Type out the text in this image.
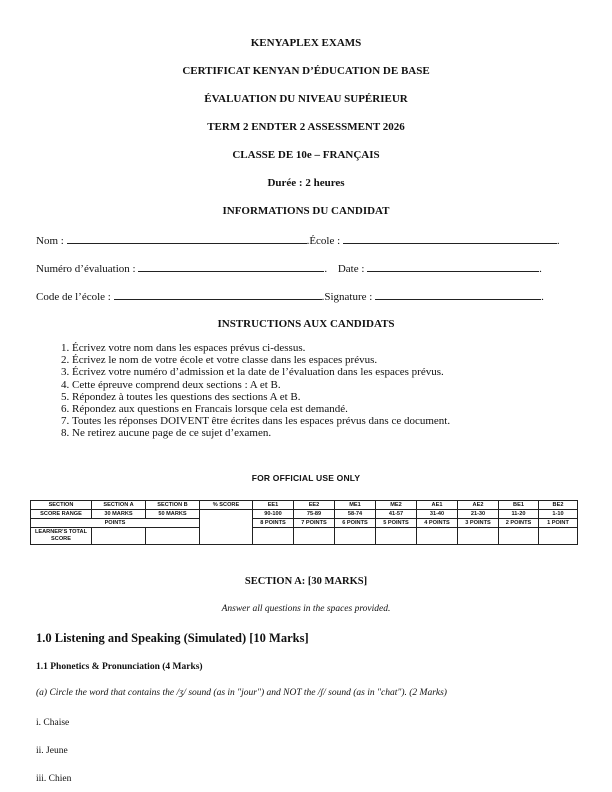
KENYAPLEX EXAMS
CERTIFICAT KENYAN D’ÉDUCATION DE BASE
ÉVALUATION DU NIVEAU SUPÉRIEUR
TERM 2 ENDTER 2 ASSESSMENT 2026
CLASSE DE 10e – FRANÇAIS
Durée : 2 heures
INFORMATIONS DU CANDIDAT
Nom :	.École :	.
Numéro d’évaluation :	. Date :	.
Code de l’école :	.Signature :	.
INSTRUCTIONS AUX CANDIDATS
1. Écrivez votre nom dans les espaces prévus ci-dessus.
2. Écrivez le nom de votre école et votre classe dans les espaces prévus.
3. Écrivez votre numéro d’admission et la date de l’évaluation dans les espaces prévus.
4. Cette épreuve comprend deux sections : A et B.
5. Répondez à toutes les questions des sections A et B.
6. Répondez aux questions en Francais lorsque cela est demandé.
7. Toutes les réponses DOIVENT être écrites dans les espaces prévus dans ce document.
8. Ne retirez aucune page de ce sujet d’examen.
FOR OFFICIAL USE ONLY
SECTION	SECTION A	SECTION B	% SCORE	EE1	EE2	ME1	ME2	AE1	AE2	BE1	BE2
SCORE RANGE	30 MARKS	50 MARKS		90-100	75-89	58-74	41-57	31-40	21-30	11-20	1-10
POINTS				8 POINTS	7 POINTS	6 POINTS	5 POINTS	4 POINTS	3 POINTS	2 POINTS	1 POINT
LEARNER’S TOTAL SCORE											
SECTION A: [30 MARKS]
Answer all questions in the spaces provided.
1.0 Listening and Speaking (Simulated) [10 Marks]
1.1 Phonetics & Pronunciation (4 Marks)
(a) Circle the word that contains the /ʒ/ sound (as in "jour") and NOT the /ʃ/ sound (as in "chat"). (2 Marks)
i. Chaise
ii. Jeune
iii. Chien
